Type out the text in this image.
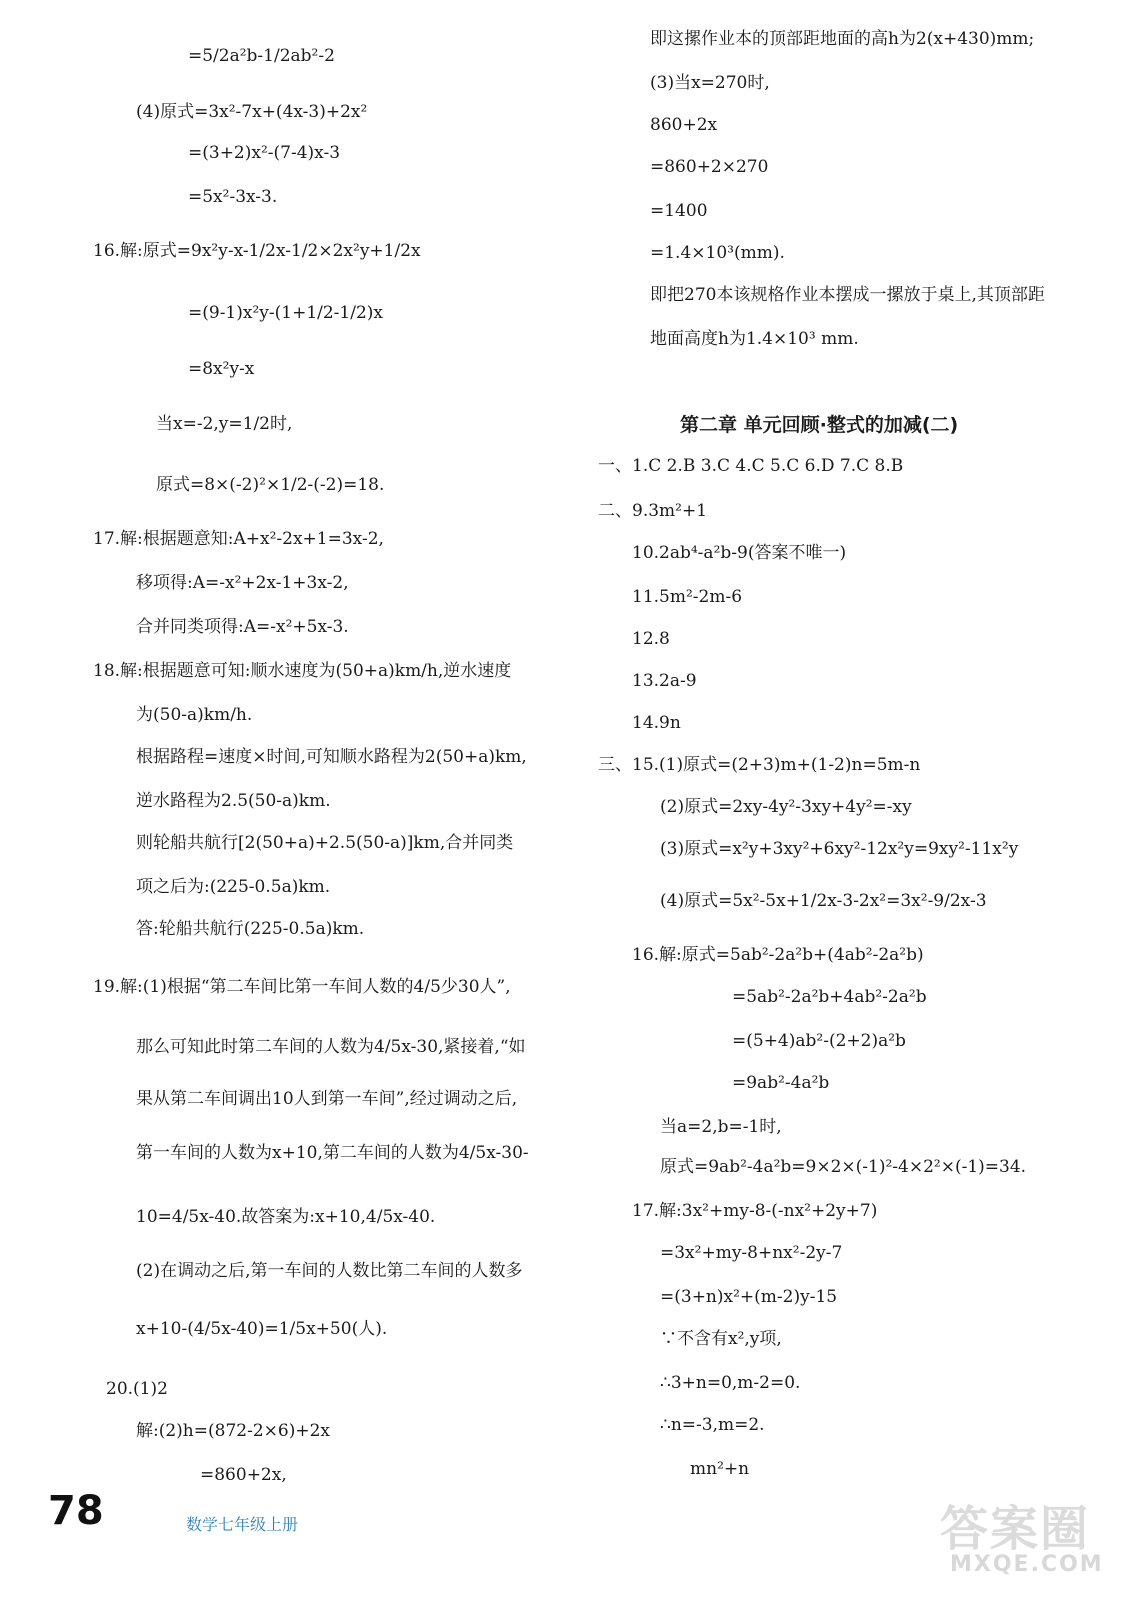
=5/2a²b-1/2ab²-2
(4)原式=3x²-7x+(4x-3)+2x²
=(3+2)x²-(7-4)x-3
=5x²-3x-3.
16.解:原式=9x²y-x-1/2x-1/2×2x²y+1/2x
=(9-1)x²y-(1+1/2-1/2)x
=8x²y-x
当x=-2,y=1/2时,
原式=8×(-2)²×1/2-(-2)=18.
17.解:根据题意知:A+x²-2x+1=3x-2,
移项得:A=-x²+2x-1+3x-2,
合并同类项得:A=-x²+5x-3.
18.解:根据题意可知:顺水速度为(50+a)km/h,逆水速度
为(50-a)km/h.
根据路程=速度×时间,可知顺水路程为2(50+a)km,
逆水路程为2.5(50-a)km.
则轮船共航行[2(50+a)+2.5(50-a)]km,合并同类
项之后为:(225-0.5a)km.
答:轮船共航行(225-0.5a)km.
19.解:(1)根据“第二车间比第一车间人数的4/5少30人”,
那么可知此时第二车间的人数为4/5x-30,紧接着,“如
果从第二车间调出10人到第一车间”,经过调动之后,
第一车间的人数为x+10,第二车间的人数为4/5x-30-
10=4/5x-40.故答案为:x+10,4/5x-40.
(2)在调动之后,第一车间的人数比第二车间的人数多
x+10-(4/5x-40)=1/5x+50(人).
20.(1)2
解:(2)h=(872-2×6)+2x
=860+2x,
即这摞作业本的顶部距地面的高h为2(x+430)mm;
(3)当x=270时,
860+2x
=860+2×270
=1400
=1.4×10³(mm).
即把270本该规格作业本摆成一摞放于桌上,其顶部距
地面高度h为1.4×10³ mm.
第二章 单元回顾·整式的加减(二)
一、1.C 2.B 3.C 4.C 5.C 6.D 7.C 8.B
二、9.3m²+1
10.2ab⁴-a²b-9(答案不唯一)
11.5m²-2m-6
12.8
13.2a-9
14.9n
三、15.(1)原式=(2+3)m+(1-2)n=5m-n
(2)原式=2xy-4y²-3xy+4y²=-xy
(3)原式=x²y+3xy²+6xy²-12x²y=9xy²-11x²y
(4)原式=5x²-5x+1/2x-3-2x²=3x²-9/2x-3
16.解:原式=5ab²-2a²b+(4ab²-2a²b)
=5ab²-2a²b+4ab²-2a²b
=(5+4)ab²-(2+2)a²b
=9ab²-4a²b
当a=2,b=-1时,
原式=9ab²-4a²b=9×2×(-1)²-4×2²×(-1)=34.
17.解:3x²+my-8-(-nx²+2y+7)
=3x²+my-8+nx²-2y-7
=(3+n)x²+(m-2)y-15
∵不含有x²,y项,
∴3+n=0,m-2=0.
∴n=-3,m=2.
mn²+n
78	数学七年级上册	答案圈
MXQE.COM
